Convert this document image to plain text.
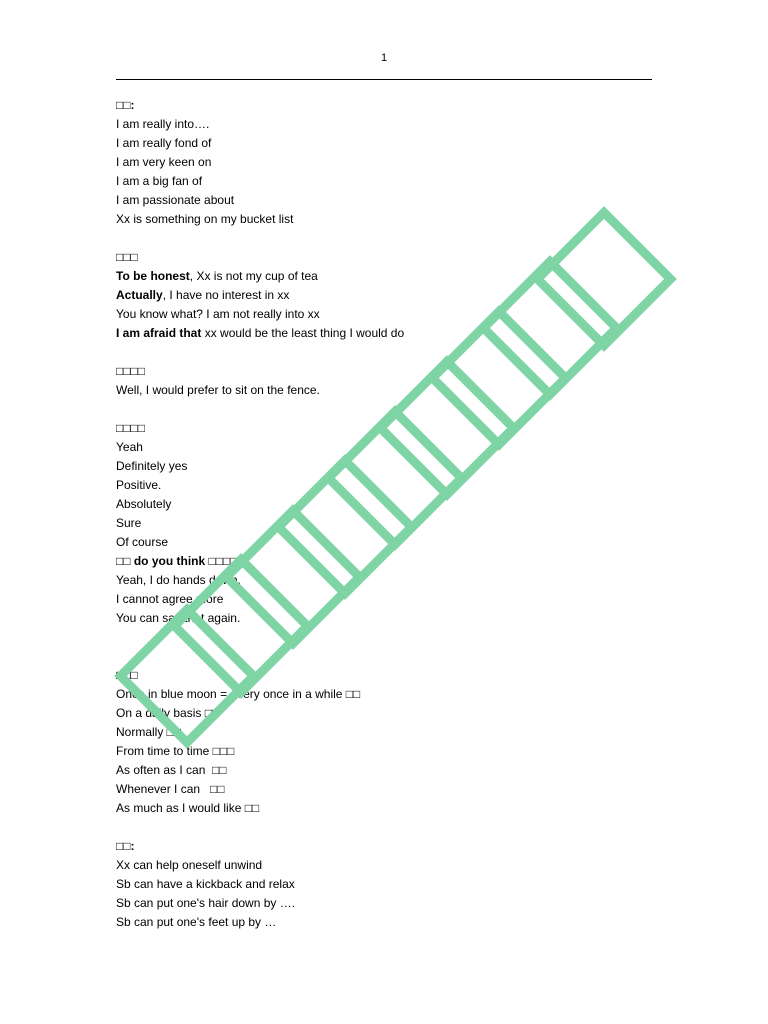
1
□□:
I am really into….
I am really fond of
I am very keen on
I am a big fan of
I am passionate about
Xx is something on my bucket list
□□□
To be honest, Xx is not my cup of tea
Actually, I have no interest in xx
You know what? I am not really into xx
I am afraid that xx would be the least thing I would do
□□□□
Well, I would prefer to sit on the fence.
□□□□
Yeah
Definitely yes
Positive.
Absolutely
Sure
Of course
□□ do you think □□□□□
Yeah, I do hands down.
I cannot agree more
You can say that again.
□□□
Once in blue moon = every once in a while □□
On a daily basis □□
Normally □□
From time to time □□□
As often as I can  □□
Whenever I can   □□
As much as I would like □□
□□:
Xx can help oneself unwind
Sb can have a kickback and relax
Sb can put one's hair down by ….
Sb can put one's feet up by …
